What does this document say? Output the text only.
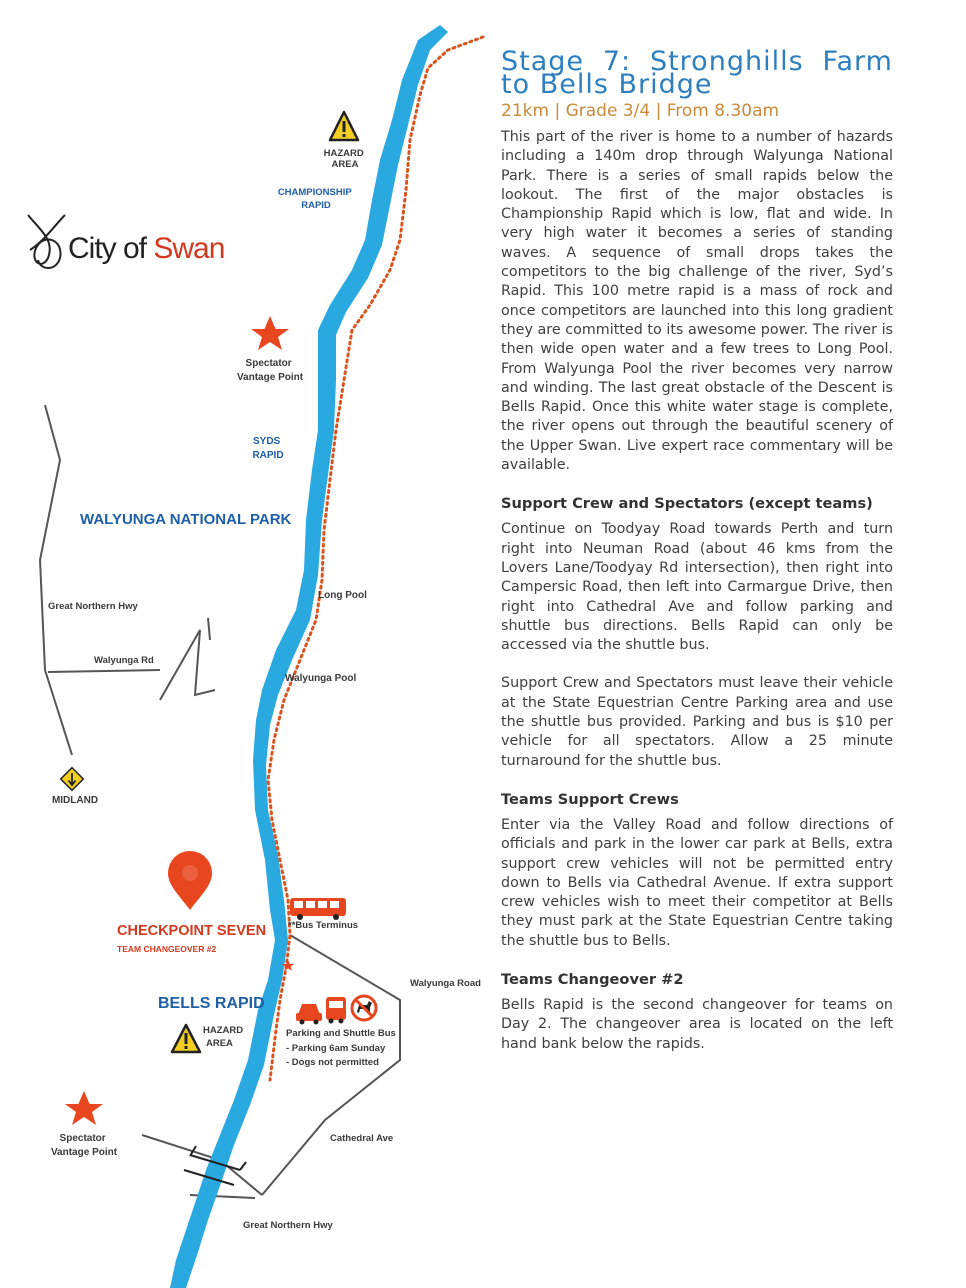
City of Swan
HAZARD AREA
CHAMPIONSHIP RAPID
Spectator Vantage Point
SYDS RAPID
WALYUNGA NATIONAL PARK
Great Northern Hwy
Walyunga Rd
Long Pool
Walyunga Pool
MIDLAND
CHECKPOINT SEVEN
TEAM CHANGEOVER #2
**Bus Terminus
Walyunga Road
BELLS RAPID
HAZARD AREA
Parking and Shuttle Bus - Parking 6am Sunday - Dogs not permitted
Spectator Vantage Point
Cathedral Ave
Great Northern Hwy
Stage 7: Stronghills Farm to Bells Bridge
21km | Grade 3/4 | From 8.30am

This part of the river is home to a number of hazards including a 140m drop through Walyunga National Park. There is a series of small rapids below the lookout. The first of the major obstacles is Championship Rapid which is low, flat and wide. In very high water it becomes a series of standing waves. A sequence of small drops takes the competitors to the big challenge of the river, Syd’s Rapid. This 100 metre rapid is a mass of rock and once competitors are launched into this long gradient they are committed to its awesome power. The river is then wide open water and a few trees to Long Pool. From Walyunga Pool the river becomes very narrow and winding. The last great obstacle of the Descent is Bells Rapid. Once this white water stage is complete, the river opens out through the beautiful scenery of the Upper Swan. Live expert race commentary will be available.

Support Crew and Spectators (except teams)

Continue on Toodyay Road towards Perth and turn right into Neuman Road (about 46 kms from the Lovers Lane/Toodyay Rd intersection), then right into Campersic Road, then left into Carmargue Drive, then right into Cathedral Ave and follow parking and shuttle bus directions. Bells Rapid can only be accessed via the shuttle bus.

Support Crew and Spectators must leave their vehicle at the State Equestrian Centre Parking area and use the shuttle bus provided. Parking and bus is $10 per vehicle for all spectators. Allow a 25 minute turnaround for the shuttle bus.

Teams Support Crews

Enter via the Valley Road and follow directions of officials and park in the lower car park at Bells, extra support crew vehicles will not be permitted entry down to Bells via Cathedral Avenue. If extra support crew vehicles wish to meet their competitor at Bells they must park at the State Equestrian Centre taking the shuttle bus to Bells.

Teams Changeover #2

Bells Rapid is the second changeover for teams on Day 2. The changeover area is located on the left hand bank below the rapids.
